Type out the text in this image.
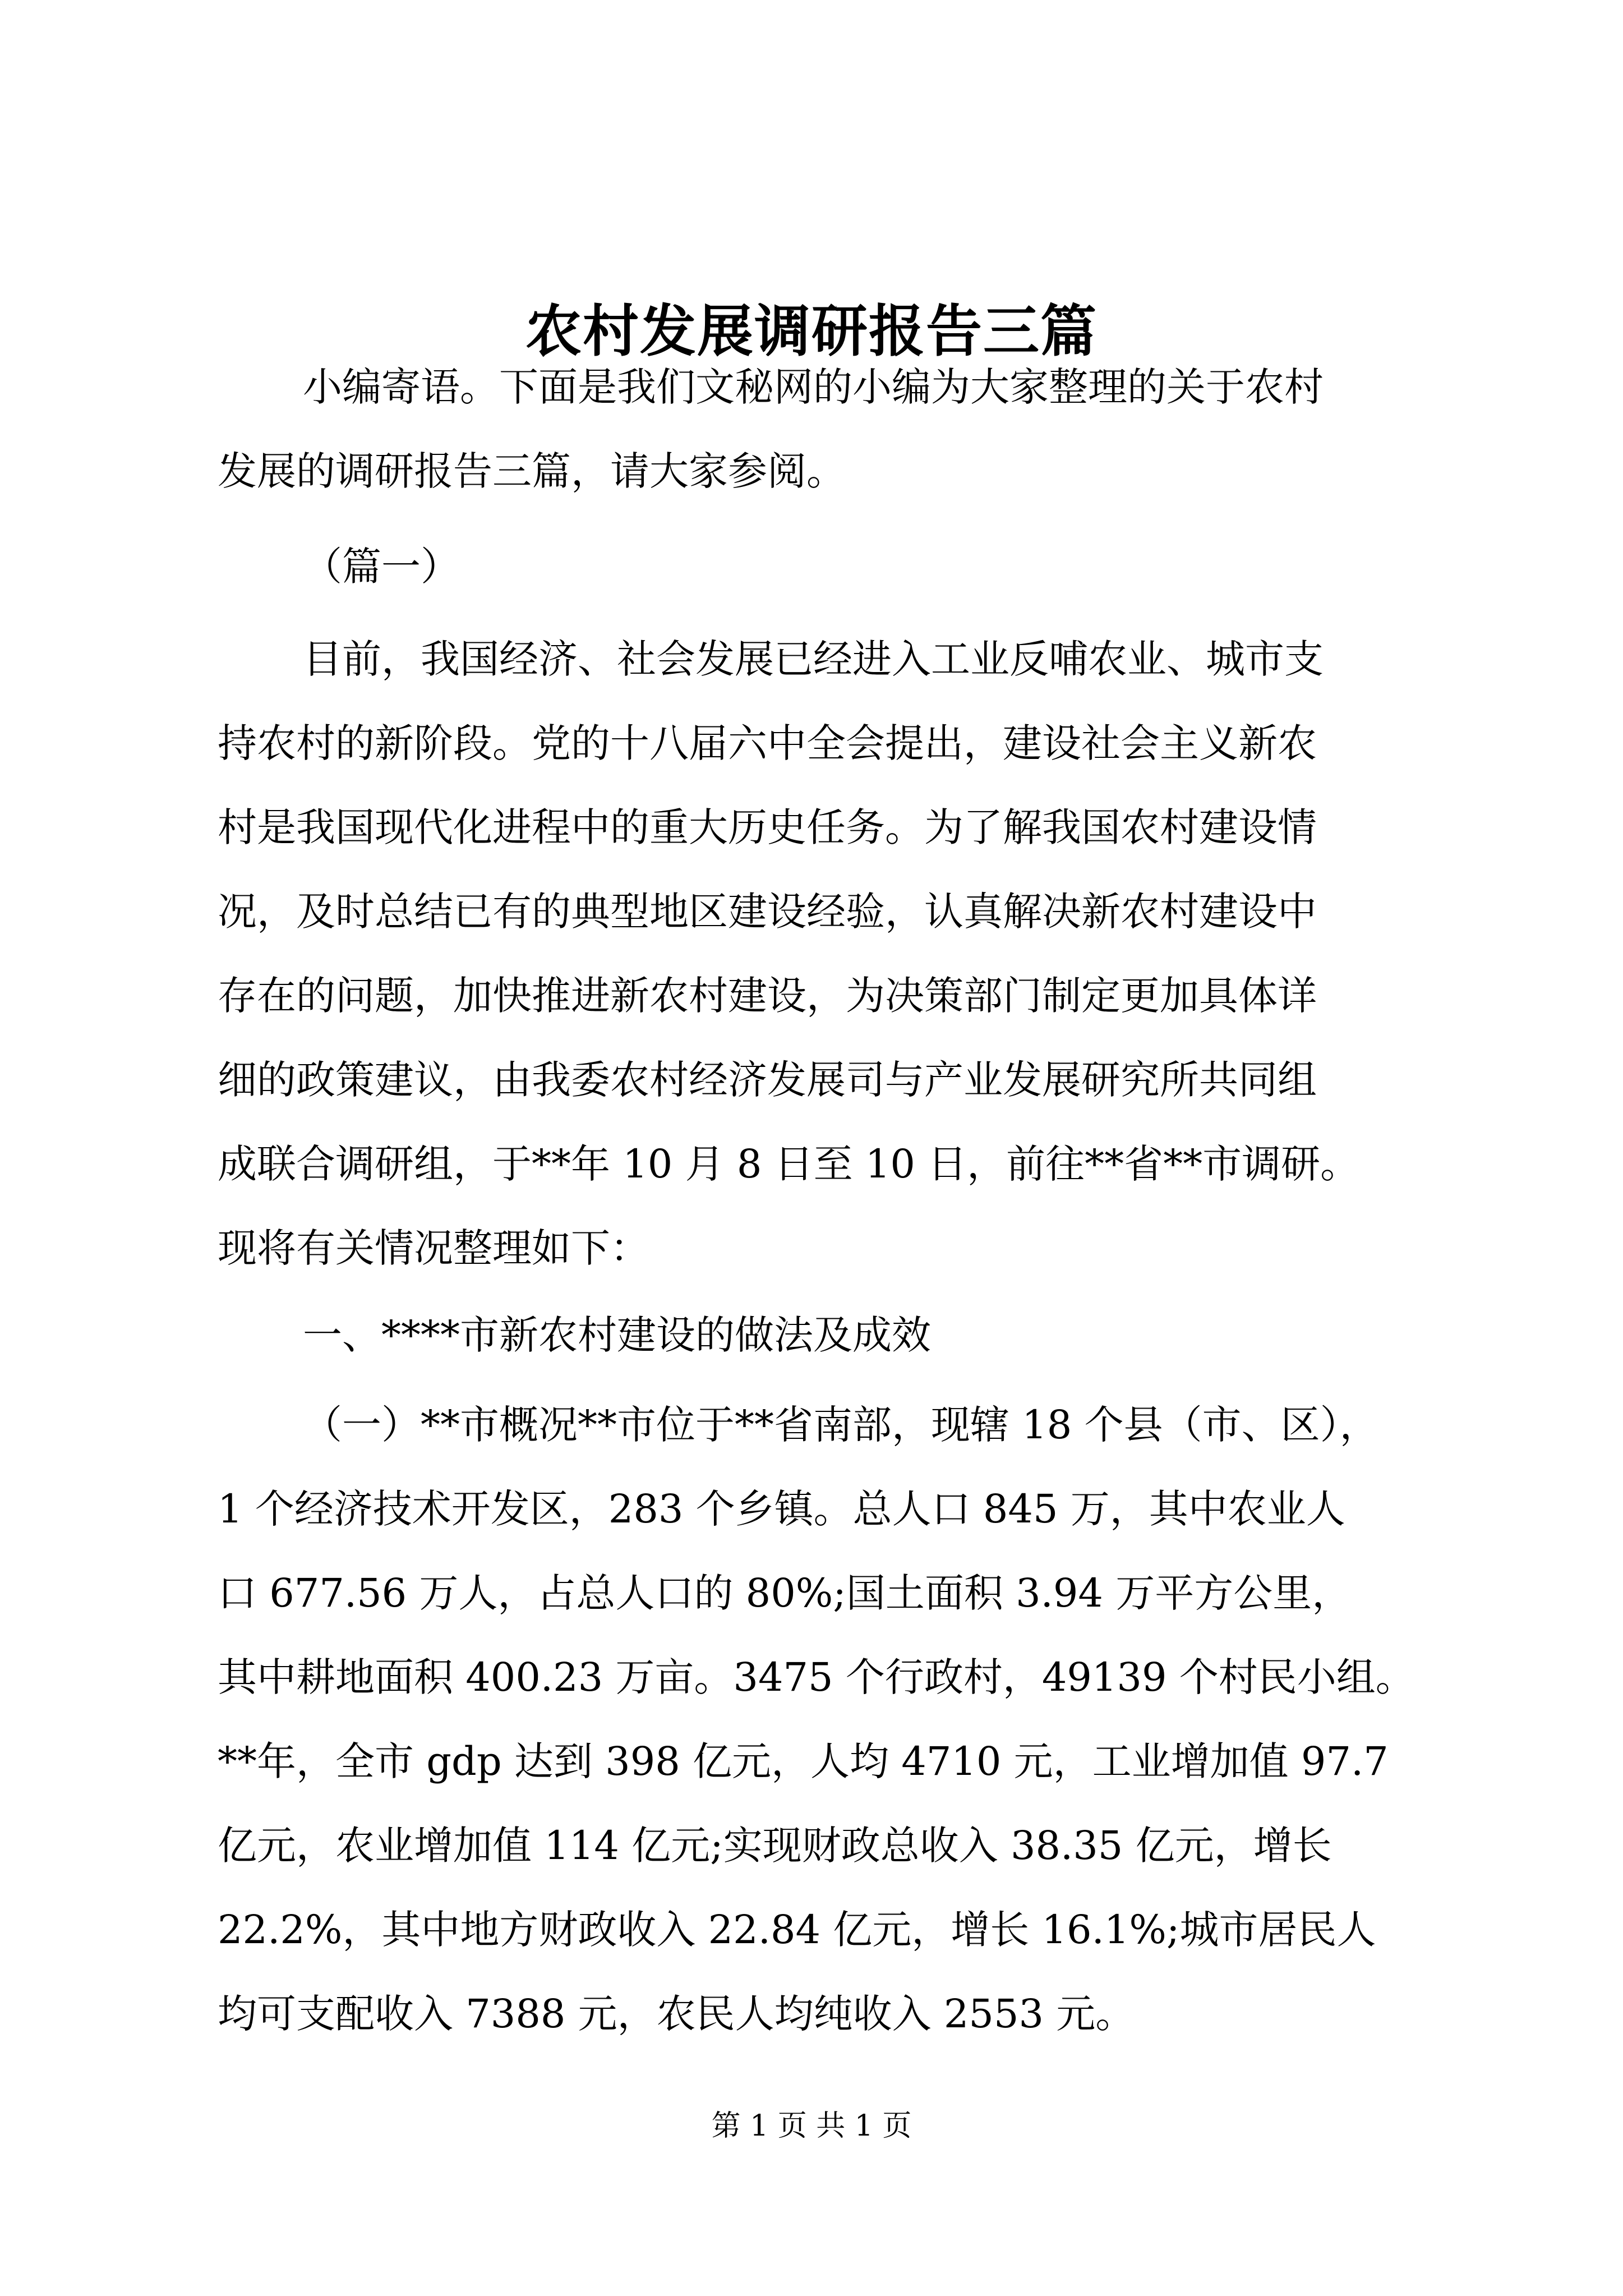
农村发展调研报告三篇
小编寄语。下面是我们文秘网的小编为大家整理的关于农村
发展的调研报告三篇，请大家参阅。
（篇一）
目前，我国经济、社会发展已经进入工业反哺农业、城市支
持农村的新阶段。党的十八届六中全会提出，建设社会主义新农
村是我国现代化进程中的重大历史任务。为了解我国农村建设情
况，及时总结已有的典型地区建设经验，认真解决新农村建设中
存在的问题，加快推进新农村建设，为决策部门制定更加具体详
细的政策建议，由我委农村经济发展司与产业发展研究所共同组
成联合调研组，于**年 10 月 8 日至 10 日，前往**省**市调研。
现将有关情况整理如下：
一、****市新农村建设的做法及成效
（一）**市概况**市位于**省南部，现辖 18 个县（市、区），
1 个经济技术开发区，283 个乡镇。总人口 845 万，其中农业人
口 677.56 万人，占总人口的 80%;国土面积 3.94 万平方公里，
其中耕地面积 400.23 万亩。3475 个行政村，49139 个村民小组。
**年，全市 gdp 达到 398 亿元，人均 4710 元，工业增加值 97.7
亿元，农业增加值 114 亿元;实现财政总收入 38.35 亿元，增长
22.2%，其中地方财政收入 22.84 亿元，增长 16.1%;城市居民人
均可支配收入 7388 元，农民人均纯收入 2553 元。
第 1 页 共 1 页
